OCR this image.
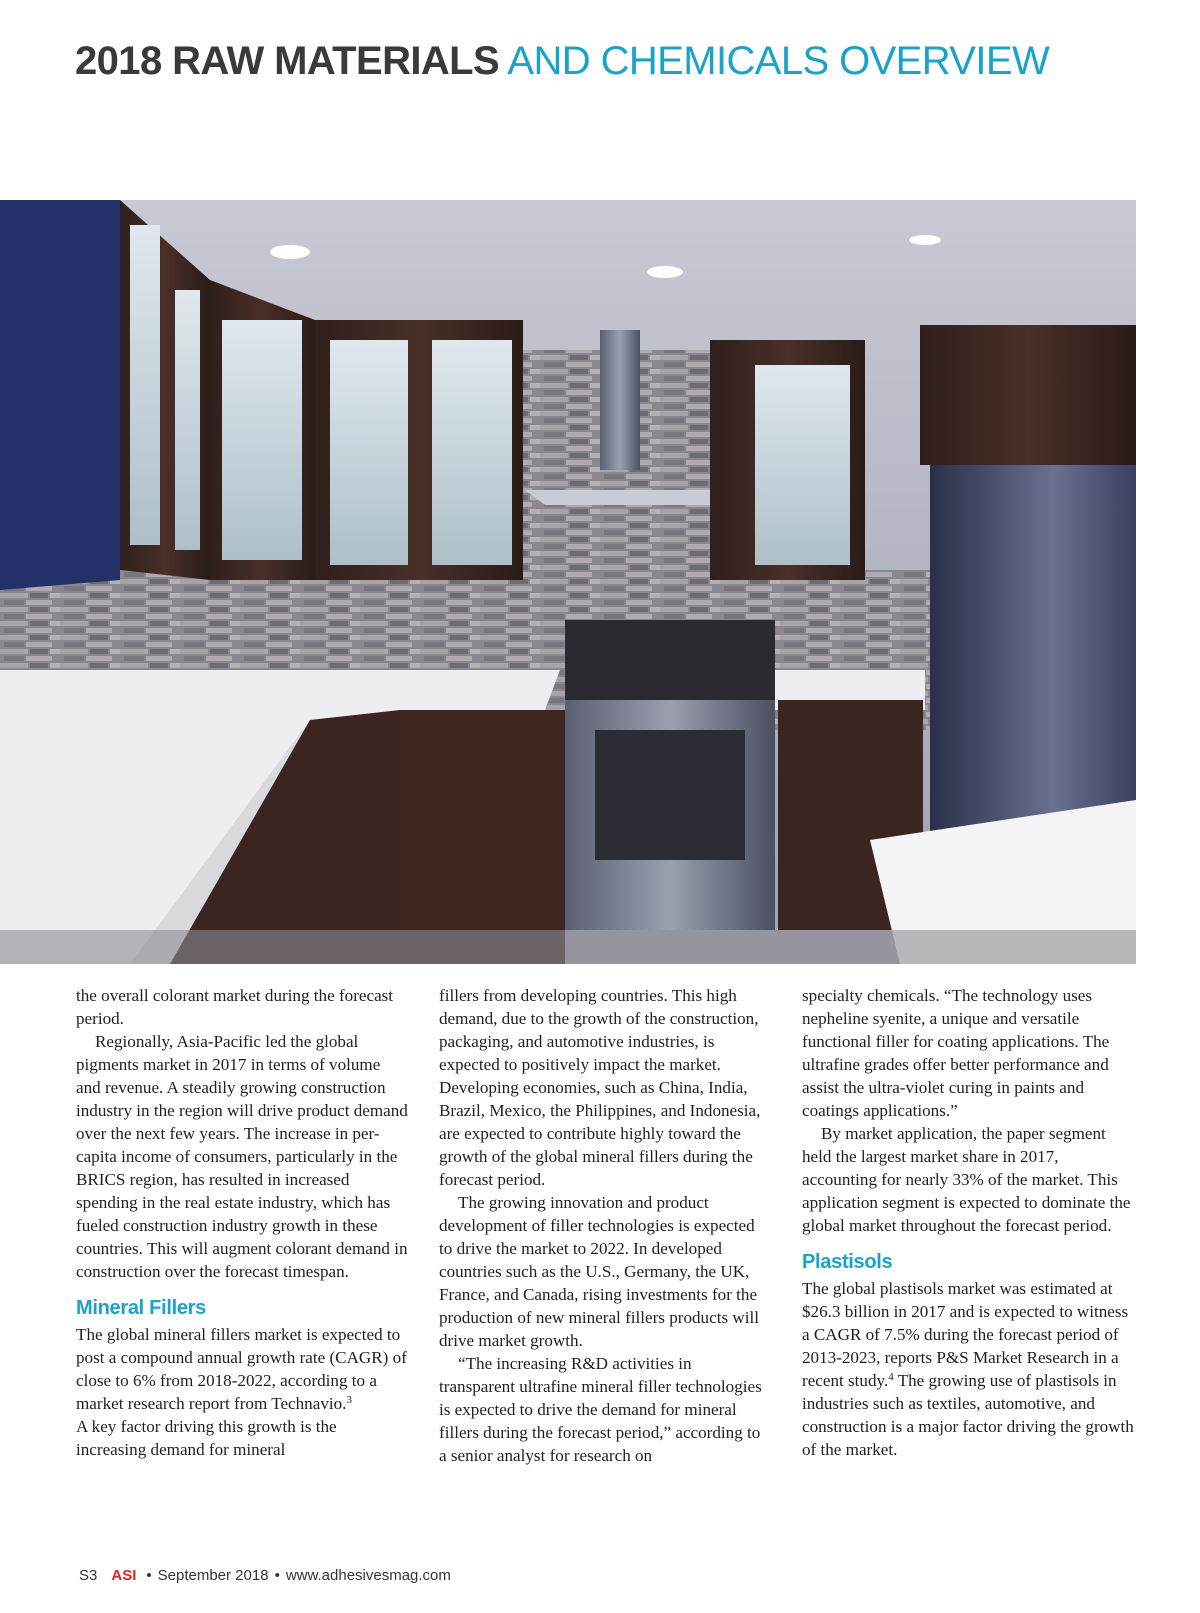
2018 RAW MATERIALS AND CHEMICALS OVERVIEW

the overall colorant market during the forecast period.

Regionally, Asia-Pacific led the global pigments market in 2017 in terms of volume and revenue. A steadily growing construction industry in the region will drive product demand over the next few years. The increase in per-capita income of consumers, particularly in the BRICS region, has resulted in increased spending in the real estate industry, which has fueled construction industry growth in these countries. This will augment colorant demand in construction over the forecast timespan.

Mineral Fillers

The global mineral fillers market is expected to post a compound annual growth rate (CAGR) of close to 6% from 2018-2022, according to a market research report from Technavio.$^3$

A key factor driving this growth is the increasing demand for mineral

fillers from developing countries. This high demand, due to the growth of the construction, packaging, and automotive industries, is expected to positively impact the market. Developing economies, such as China, India, Brazil, Mexico, the Philippines, and Indonesia, are expected to contribute highly toward the growth of the global mineral fillers during the forecast period.

The growing innovation and product development of filler technologies is expected to drive the market to 2022. In developed countries such as the U.S., Germany, the UK, France, and Canada, rising investments for the production of new mineral fillers products will drive market growth.

“The increasing R&D activities in transparent ultrafine mineral filler technologies is expected to drive the demand for mineral fillers during the forecast period,” according to a senior analyst for research on

specialty chemicals. “The technology uses nepheline syenite, a unique and versatile functional filler for coating applications. The ultrafine grades offer better performance and assist the ultra-violet curing in paints and coatings applications.”

By market application, the paper segment held the largest market share in 2017, accounting for nearly 33% of the market. This application segment is expected to dominate the global market throughout the forecast period.

Plastisols

The global plastisols market was estimated at $26.3 billion in 2017 and is expected to witness a CAGR of 7.5% during the forecast period of 2013-2023, reports P&S Market Research in a recent study.$^4$ The growing use of plastisols in industries such as textiles, automotive, and construction is a major factor driving the growth of the market.

S3 ASI • September 2018 • www.adhesivesmag.com
